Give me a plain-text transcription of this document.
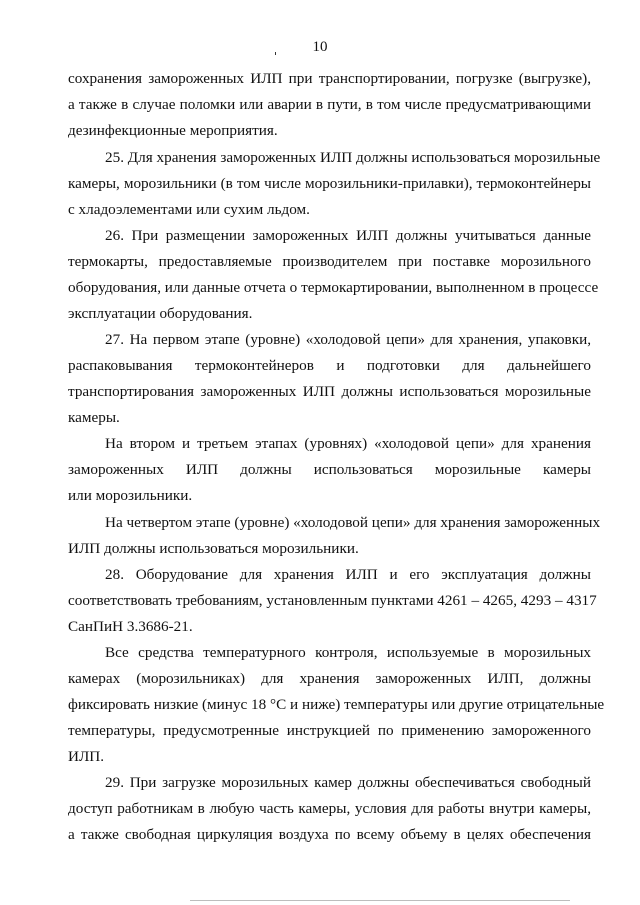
10
сохранения замороженных ИЛП при транспортировании, погрузке (выгрузке),
а также в случае поломки или аварии в пути, в том числе предусматривающими
дезинфекционные мероприятия.
25. Для хранения замороженных ИЛП должны использоваться морозильные
камеры, морозильники (в том числе морозильники-прилавки), термоконтейнеры
с хладоэлементами или сухим льдом.
26. При размещении замороженных ИЛП должны учитываться данные
термокарты, предоставляемые производителем при поставке морозильного
оборудования, или данные отчета о термокартировании, выполненном в процессе
эксплуатации оборудования.
27. На первом этапе (уровне) «холодовой цепи» для хранения, упаковки,
распаковывания термоконтейнеров и подготовки для дальнейшего
транспортирования замороженных ИЛП должны использоваться морозильные
камеры.
На втором и третьем этапах (уровнях) «холодовой цепи» для хранения
замороженных ИЛП должны использоваться морозильные камеры
или морозильники.
На четвертом этапе (уровне) «холодовой цепи» для хранения замороженных
ИЛП должны использоваться морозильники.
28. Оборудование для хранения ИЛП и его эксплуатация должны
соответствовать требованиям, установленным пунктами 4261 – 4265, 4293 – 4317
СанПиН 3.3686-21.
Все средства температурного контроля, используемые в морозильных
камерах (морозильниках) для хранения замороженных ИЛП, должны
фиксировать низкие (минус 18 °С и ниже) температуры или другие отрицательные
температуры, предусмотренные инструкцией по применению замороженного
ИЛП.
29. При загрузке морозильных камер должны обеспечиваться свободный
доступ работникам в любую часть камеры, условия для работы внутри камеры,
а также свободная циркуляция воздуха по всему объему в целях обеспечения
